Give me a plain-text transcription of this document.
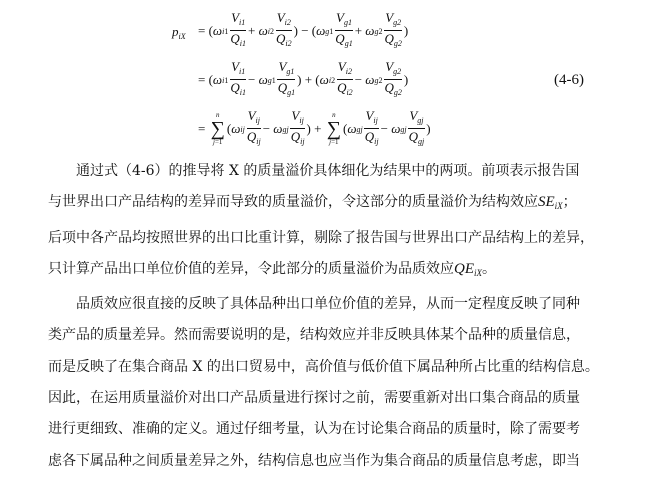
$p_{iX}$ = ( ω i $1 \frac{V_{i1}}{Q_{i1}} + \omega$ i $2 \frac{V_{i2}}{Q_{i2}}$ ) − ( ω g $1 \frac{V_{g1}}{Q_{g1}} + \omega$ g $2 \frac{V_{g2}}{Q_{g2}}$ )
= ( ω i $1 \frac{V_{i1}}{Q_{i1}} - \omega$ g $1 \frac{V_{g1}}{Q_{g1}}$ ) + ( ω i $2 \frac{V_{i2}}{Q_{i2}} - \omega$ g $2 \frac{V_{g2}}{Q_{g2}}$ )	(4-6)
=
n
∑
j=1
( ω ij $\frac{V_{ij}}{Q_{ij}} - \omega$ gj $\frac{V_{ij}}{Q_{ij}}$ ) +
n
∑
j=1
( ω gj $\frac{V_{ij}}{Q_{ij}} - \omega$ gj $\frac{V_{gj}}{Q_{gj}}$ )

通过式（4-6）的推导将 X 的质量溢价具体细化为结果中的两项。前项表示报告国

与世界出口产品结构的差异而导致的质量溢价，令这部分的质量溢价为结构效应$SE_{iX}$；

后项中各产品均按照世界的出口比重计算，剔除了报告国与世界出口产品结构上的差异，

只计算产品出口单位价值的差异，令此部分的质量溢价为品质效应$QE_{iX}$。

品质效应很直接的反映了具体品种出口单位价值的差异，从而一定程度反映了同种

类产品的质量差异。然而需要说明的是，结构效应并非反映具体某个品种的质量信息，

而是反映了在集合商品 X 的出口贸易中，高价值与低价值下属品种所占比重的结构信息。

因此，在运用质量溢价对出口产品质量进行探讨之前，需要重新对出口集合商品的质量

进行更细致、准确的定义。通过仔细考量，认为在讨论集合商品的质量时，除了需要考

虑各下属品种之间质量差异之外，结构信息也应当作为集合商品的质量信息考虑，即当
